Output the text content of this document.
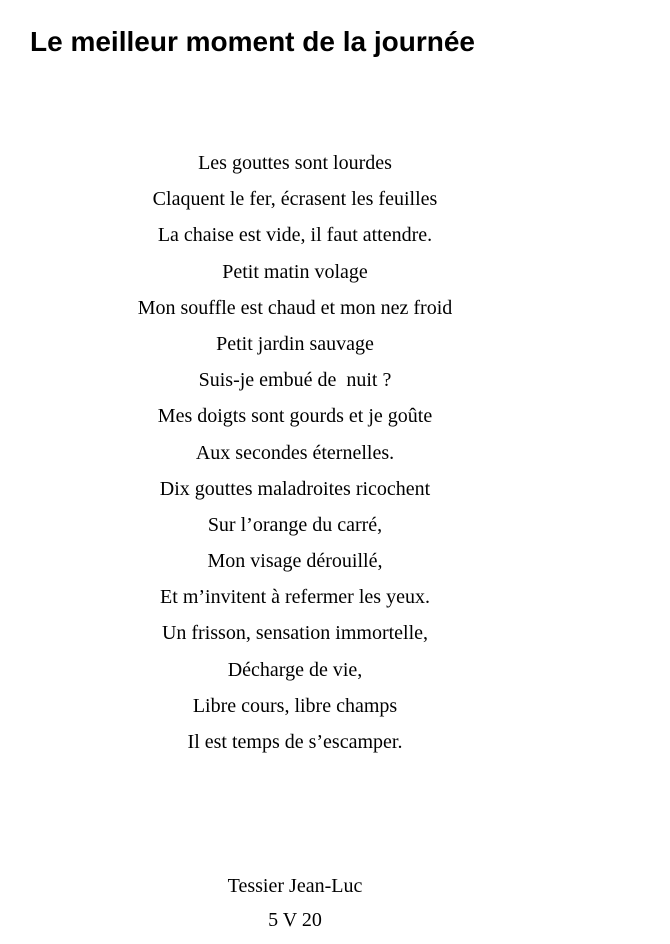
Le meilleur moment de la journée
Les gouttes sont lourdes
Claquent le fer, écrasent les feuilles
La chaise est vide, il faut attendre.
Petit matin volage
Mon souffle est chaud et mon nez froid
Petit jardin sauvage
Suis-je embué de  nuit ?
Mes doigts sont gourds et je goûte
Aux secondes éternelles.
Dix gouttes maladroites ricochent
Sur l’orange du carré,
Mon visage dérouillé,
Et m’invitent à refermer les yeux.
Un frisson, sensation immortelle,
Décharge de vie,
Libre cours, libre champs
Il est temps de s’escamper.
Tessier Jean-Luc
5 V 20
